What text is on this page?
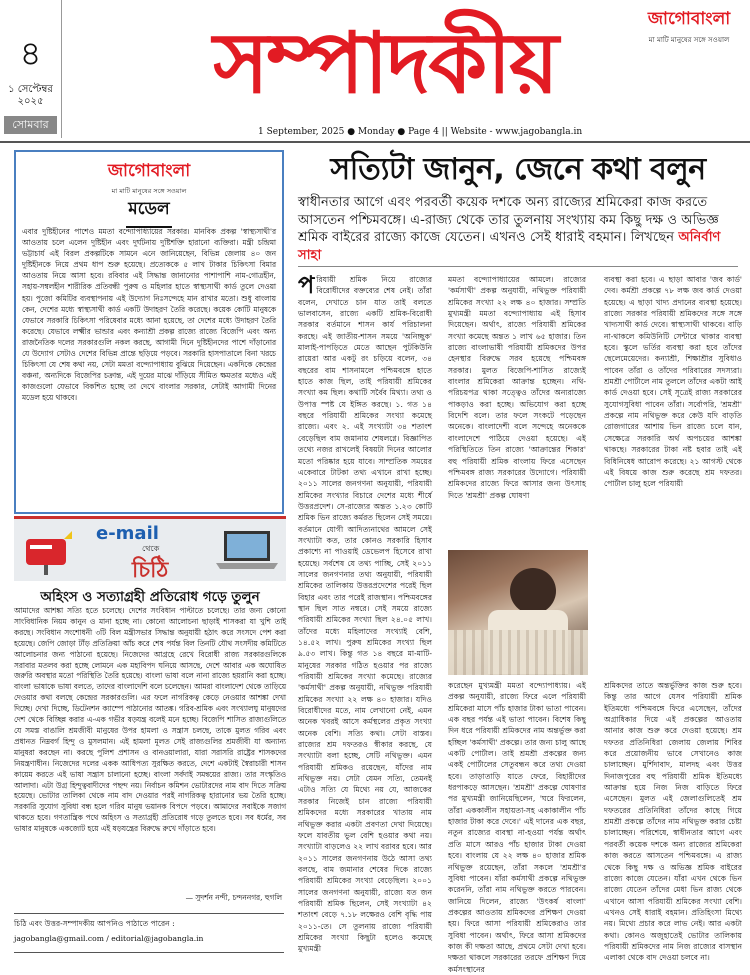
৪
১ সেপ্টেম্বর ২০২৫
সোমবার
সম্পাদকীয়	জাগোবাংলা
মা মাটি মানুষের সঙ্গে সওয়াল
1 September, 2025 ● Monday ● Page 4 || Website - www.jagobangla.in
জাগোবাংলা
মা মাটি মানুষের সঙ্গে সওয়াল
মডেল
এবার দুষ্টিহীনের পাশেও মমতা বন্দ্যোপাধ্যায়ের সরকার। মানবিক প্রকল্প 'স্বাস্থ্যসাথী'র আওতায় চলে এলেন দুষ্টিহীন এবং দুর্ঘটনায় দুষ্টিশক্তি হারানো ব্যক্তিরা। মন্ত্রী চন্দ্রিমা ভট্টাচার্য এই বিরল প্রকল্পটিকে সামনে এনে জানিয়েছেন, বিভিন্ন জেলায় ৪০ জন দুষ্টিহীনকে নিয়ে প্রথম ধাপ শুরু হয়েছে। প্রত্যেককে ৫ লাখ টাকার চিকিৎসা বিমার আওতায় নিয়ে আসা হবে। রবিবার এই সিদ্ধান্ত জানানোর পাশাপাশি নাম-গোত্রহীন, সহায়-সম্বলহীন শারীরিক প্রতিবন্ধী পুরুষ ও মহিলার হাতে স্বাস্থ্যসাথী কার্ড তুলে দেওয়া হয়। পুজো কমিটির ব্যবস্থাপনায় এই উদ্যোগ নিঃসন্দেহে মান রাখার মতো। শুধু বাংলায় কেন, দেশের মধ্যে স্বাস্থ্যসাথী কার্ড একটি উদাহরণ তৈরি করেছে। কয়েক কোটি মানুষকে যেভাবে সরকারি চিকিৎসা পরিষেবার মধ্যে আনা হয়েছে, তা দেশের মধ্যে উদাহরণ তৈরি করেছে। যেভাবে লক্ষ্মীর ভান্ডার এবং কন্যাশ্রী প্রকল্প রাজ্যে রাজ্যে বিজেপি এবং অন্য রাজনৈতিক দলের সরকারগুলি নকল করছে, আগামী দিনে দুষ্টিহীনদের পাশে দাঁড়ানোর যে উদ্যোগ সেটাও দেশের বিভিন্ন প্রান্তে ছড়িয়ে পড়বে। সরকারি হাসপাতালে বিনা খরচে চিকিৎসা যে শেষ কথা নয়, সেটা মমতা বন্দ্যোপাধ্যায় বুঝিয়ে দিয়েছেন। একদিকে কেন্দ্রের বঞ্চনা, অন্যদিকে বিজেপির চক্রান্ত, এই দুয়ের মাঝে দাঁড়িয়ে সীমিত ক্ষমতার মধ্যেও এই কাজগুলো যেভাবে বিকশিত হচ্ছে তা দেখে বাংলার সরকার, সেটাই আগামী দিনের মডেল হয়ে থাকবে।
e-mail
থেকে
চিঠি
অহিংস ও সত্যাগ্রহী প্রতিরোধ গড়ে তুলুন
আমাদের আশঙ্কা সত্যি হতে চলেছে। দেশের সংবিধান পাল্টাতে চলেছে। তার জন্য কোনো সাংবিধানিক নিয়ম কানুন ও মানা হচ্ছে না। কোনো আলোচনা ছাড়াই শাসকরা যা খুশি তাই করছে। সংবিধান সংশোধনী ৩টি বিল মন্ত্রীসভার সিদ্ধান্ত অনুযায়ী হঠাৎ করে সংসদে পেশ করা হয়েছে। জেপি জোড়া টাঁড় প্রতিক্রিয়া আঁচ করে শেষ পর্যন্ত বিল তিনটি যৌথ সংসদীয় কমিটিতে আলোচনার জন্য পাঠানো হয়েছে। নিজেদের আগ্রহে রেখে বিরোধী রাজ্য সরকারগুলিকে সরাবার মতলব করা হচ্ছে লোমনে এক মহাবিপদ ঘনিয়ে আসছে, দেশে আবার এক অঘোষিত জরুরি অবস্থার মতো পরিস্থিতি তৈরি হয়েছে। বাংলা ভাষা বলে নানা রাজ্যে হয়রানি করা হচ্ছে। বাংলা ভাষাকে ভাষা বলতে, তাদের বাংলাদেশি বলে চলেছেন। আমরা বাংলাদেশ থেকে তাড়িয়ে দেওয়ার কথা বলছে কেন্দ্রের সরকারগুলি। এর ফলে নাগরিকত্ব কেড়ে নেওয়ার আশঙ্কা দেখা দিচ্ছে। দেখা দিচ্ছে, ডিটেনশন ক্যাম্পে পাঠানোর আতঙ্ক। গরিব-শ্রমিক এবং সংখ্যালঘু মানুষদের দেশ থেকে বিচ্ছিন্ন করার এ-এক গভীর ষড়যন্ত্র বলেই মনে হচ্ছে। বিজেপি শাসিত রাজ্যগুলিতে যে সমস্ত বাঙালি শ্রমজীবী মানুষের উপর হামলা ও সন্ত্রাস চলছে, তাকে মুলত গরিব এবং প্রধানত নিম্নবর্গ হিন্দু ও মুসলমান। এই হামলা মূলত সেই রাজ্যগুলির শ্রমজীবী যা অন্যান্য মানুষরা করছেন না। করছে পুলিশ প্রশাসন ও বানওয়ালারা, যারা সরাসরি রাষ্ট্রের শাসকদের নিয়ন্ত্রণাধীন। নিজেদের দলের একক আধিপত্য সুরক্ষিত করতে, দেশে একটাই স্বৈরাচারী শাসন কায়েম করতে এই ভাষা সন্ত্রাস চালানো হচ্ছে। বাংলা সর্বদাই সমন্বয়ের রাজ্য। তার সংস্কৃতিও আলাদা। এটা উগ্র হিন্দুত্ববাদীদের পছন্দ নয়। নির্বাচন কমিশন ভোটারদের নাম বাদ দিতে সক্রিয় হয়েছে। ভোটার তালিকা থেকে নাম বাদ দেওয়ার পরই নাগরিকত্ব হারানোর ভয় তৈরি হচ্ছে। সরকারি সুযোগ সুবিধা বন্ধ হলে গরিব মানুষ ভয়ানক বিপদে পড়বে। আমাদের সবাইকে সজাগ থাকতে হবে। গণতান্ত্রিক পথে অহিংস ও সত্যাগ্রহী প্রতিরোধ গড়ে তুলতে হবে। সব ধর্মের, সব ভাষার মানুষকে একজোট হয়ে এই ষড়যন্ত্রের বিরুদ্ধে রুখে দাঁড়াতে হবে।
— সুদর্শন নন্দী, চন্দননগর, হুগলি
চিঠি এবং উত্তর-সম্পাদকীয় আপনিও পাঠাতে পারেন :
jagobangla@gmail.com / editorial@jagobangla.in
সত্যিটা জানুন, জেনে কথা বলুন
স্বাধীনতার আগে এবং পরবর্তী কয়েক দশকে অন্য রাজ্যের শ্রমিকেরা কাজ করতে আসতেন পশ্চিমবঙ্গে। এ-রাজ্য থেকে তার তুলনায় সংখ্যায় কম কিছু দক্ষ ও অভিজ্ঞ শ্রমিক বাইরের রাজ্যে কাজে যেতেন। এখনও সেই ধারাই বহমান। লিখছেন অনির্বাণ সাহা
প রিযায়ী শ্রমিক নিয়ে রাজ্যের বিরোধীদের বক্তব্যের শেষ নেই। তাঁরা বলেন, দেখাতে চান যাত তাই বলতে ভালবাসেন, রাজ্যে একটি শ্রমিক-বিরোধী সরকার বর্তমানে শাসন কার্য পরিচালনা করছে। এই জাতীয়-শাসন সময়ে 'অনিচ্ছুক' মালাই-পাপড়িতে মেতে আছেন পুটকিউনি রায়েরা আর একটু রং চড়িয়ে বলেন, ৩৪ বছরের বাম শাসনামলে পশ্চিমবঙ্গে হাতে হাতে কাজ ছিল, তাই পরিযায়ী শ্রমিকের সংখ্যা কম ছিল। কথাটি সর্বৈব মিথ্যা। তথ্য ও উপাত্ত স্পষ্ট যে ইঙ্গিত করছে। ১. গত ১৪ বছরে পরিযায়ী শ্রমিকের সংখ্যা কমেছে রাজ্যে। এবং ২. এই সংখ্যাটা ৩৪ শতাংশ বেড়েছিল বাম জমানায় শেষলগ্নে। বিজ্ঞাপিত তথ্যে নজর রাখলেই বিষয়টা দিনের আলোর মতো পরিষ্কার হয়ে যাবে। সাম্প্রতিক সময়ের একেবারে টাটকা তথ্য এখানে রাখা হচ্ছে। ২০১১ সালের জনগণনা অনুযায়ী, পরিযায়ী শ্রমিকের সংখ্যার বিচারে দেশের মধ্যে শীর্ষে উত্তরপ্রদেশ। সে-রাজ্যের অন্তত ১.২৩ কোটি শ্রমিক ভিন রাজ্যে কর্মরত ছিলেন সেই সময়ে। বর্তমানে যোগী আদিত্যনাথের আমলে সেই সংখ্যাটা কত, তার কোনও সরকারি হিসাব প্রকাশ্যে না পাওয়াই ডেভেলপ হিসেবে রাখা হয়েছে। সর্বশেষ যে তথ্য পাচ্ছি, সেই ২০১১ সালের জনগণনার তথ্য অনুযায়ী, পরিযায়ী শ্রমিকের তালিকায় উত্তরপ্রদেশের পরেই ছিল বিহার এবং তার পরেই রাজস্থান। পশ্চিমবঙ্গের স্থান ছিল সাত নম্বরে। সেই সময়ে রাজ্যে পরিযায়ী শ্রমিকের সংখ্যা ছিল ২৪.০৫ লাখ। তাঁদের মধ্যে মহিলাদের সংখ্যাই বেশি, ১৪.৫২ লাখ। পুরুষ শ্রমিকের সংখ্যা ছিল ৯.৫৩ লাখ। কিন্তু গত ১৪ বছরে মা-মাটি-মানুষের সরকার গঠিত হওয়ার পর রাজ্যে পরিযায়ী শ্রমিকের সংখ্যা কমেছে। রাজ্যের 'কর্মসাথী' প্রকল্প অনুযায়ী, নথিভুক্ত পরিযায়ী শ্রমিকের সংখ্যা ২২ লক্ষ ৪০ হাজার। যদিও বিরোধীদের মতে, নাম লেখানো নেই, এমন অনেক খবরই আসে কর্মস্থলের প্রকৃত সংখ্যা অনেক বেশি। সত্যি কথা। সেটা বাস্তব। রাজ্যের শ্রম দফতরও স্বীকার করছে, যে সংখ্যাটা বলা হচ্ছে, সেটি নথিভুক্ত। এমন পরিযায়ী শ্রমিকও রয়েছেন, যাঁদের নাম নথিভুক্ত নয়। সেটা যেমন সত্যি, তেমনই এটাও সত্যি যে মিথ্যে নয় যে, আজকের সরকার নিজেই চান রাজ্যে পরিযায়ী শ্রমিকদের মধ্যে সরকারের খাতায় নাম নথিভুক্ত করার একটা প্রবণতা দেখা দিয়েছে। ফলে যাবতীয় ভুল বেশি হওয়ার কথা নয়। সংখ্যাটা বাড়লেও ২২ লাখ বরাবর হবে। আর ২০১১ সালের জনগণনায় উঠে আসা তথ্য বলছে, বাম জমানার শেষের দিকে রাজ্যে পরিযায়ী শ্রমিকের সংখ্যা বেড়েছিল। ২০০১ সালের জনগণনা অনুযায়ী, রাজ্যে যত জন পরিযায়ী শ্রমিক ছিলেন, সেই সংখ্যাটা ৪২ শতাংশ বেড়ে ৭.১৮ লক্ষেরও বেশি বৃদ্ধি পায় ২০১১-তে। সে তুলনায় রাজ্যে পরিযায়ী শ্রমিকের সংখ্যা কিছুটা হলেও কমেছে মুখ্যমন্ত্রী
মমতা বন্দ্যোপাধ্যায়ের আমলে। রাজ্যের 'কর্মসাথী' প্রকল্প অনুযায়ী, নথিভুক্ত পরিযায়ী শ্রমিকের সংখ্যা ২২ লক্ষ ৪০ হাজার। সম্প্রতি মুখ্যমন্ত্রী মমতা বন্দ্যোপাধ্যায় এই হিসাব দিয়েছেন। অর্থাৎ, রাজ্যে পরিযায়ী শ্রমিকের সংখ্যা কমেছে অন্তত ১ লাখ ৬৫ হাজার। তিন রাজ্যে বাংলাভাষী পরিযায়ী শ্রমিকদের উপর হেনস্থার বিরুদ্ধে সরব হয়েছে পশ্চিমবঙ্গ সরকার। মুলত বিজেপি-শাসিত রাজ্যেই বাংলার শ্রমিকেরা আক্রান্ত হচ্ছেন। নথি-পরিচয়পত্র থাকা সত্ত্বেও তাঁদের অন্যরাজ্যে পাকড়াও করা হচ্ছে। অভিযোগ করা হচ্ছে বিদেশি বলে। তার ফলে সংকটে পড়েছেন অনেকে। বাংলাদেশী বলে সন্দেহে অনেককে বাংলাদেশে পাঠিয়ে দেওয়া হয়েছে। এই পরিস্থিতিতে তিন রাজ্যে 'আক্রান্তের শিকার' বহু পরিযায়ী শ্রমিক বাংলায় ফিরে এসেছেন পশ্চিমবঙ্গ রাজ্য সরকারের উদ্যোগে। পরিযায়ী শ্রমিকদের রাজ্যে ফিরে আসার জন্য উৎসাহ দিতে 'শ্রমশ্রী' প্রকল্প ঘোষণা
ব্যবস্থা করা হবে। এ ছাড়া আবার 'জব কার্ড' দেব। কর্মশ্রী প্রকল্পে ৭৮ লক্ষ জব কার্ড দেওয়া হয়েছে। এ ছাড়া খাদ্য প্রদানের ব্যবস্থা হয়েছে। রাজ্যে সরকার পরিযায়ী শ্রমিকদের সঙ্গে সঙ্গে খাদ্যসাথী কার্ড দেবে। স্বাস্থ্যসাথী থাকবে। বাড়ি না-থাকলে কমিউনিটি সেন্টারে থাকার ব্যবস্থা হবে। স্কুলে ভর্তির ব্যবস্থা করা হবে তাঁদের ছেলেমেয়েদের। কন্যাশ্রী, শিক্ষাশ্রীর সুবিধাও পাবেন তাঁরা ও তাঁদের পরিবারের সদস্যরা। শ্রমশ্রী পোর্টালে নাম তুললে তাঁদের একটা আই কার্ড দেওয়া হবে। সেই সূত্রেই রাজ্য সরকারের সুযোগসুবিধা পাবেন তাঁরা। সর্বোপরি, 'শ্রমশ্রী' প্রকল্পে নাম নথিভুক্ত করে কেউ যদি বাড়তি রোজগারের আশায় ভিন রাজ্যে চলে যান, সেক্ষেত্রে সরকারি অর্থ অপচয়ের আশঙ্কা থাকছে। সরকারের টাকা নষ্ট হবার তাই এই বিধিনিষেধ আরোপ করেছে। ২১ আগস্ট থেকে এই বিষয়ে কাজ শুরু করেছে শ্রম দফতর। পোর্টাল চালু হলে পরিযায়ী
করেছেন মুখ্যমন্ত্রী মমতা বন্দ্যোপাধ্যায়। এই প্রকল্প অনুযায়ী, রাজ্যে ফিরে এলে পরিযায়ী শ্রমিকেরা মাসে পাঁচ হাজার টাকা ভাতা পাবেন। এক বছর পর্যন্ত এই ভাতা পাবেন। বিশেষ কিছু দিন ধরে পরিযায়ী শ্রমিকদের নাম অন্তর্ভুক্ত করা হচ্ছিল 'কর্মসাথী' প্রকল্পে। তার জন্য চালু আছে একটি পোর্টাল। তাই শ্রমশ্রী প্রকল্পের জন্য একই পোর্টালের সেতুবন্ধন করে তথ্য দেওয়া হবে। তাড়াতাড়ি যাতে ফেরে, বিহারীদের ধরপাকড়ে আসছেন। 'শ্রমশ্রী' প্রকল্পে ঘোষণার পর মুখ্যমন্ত্রী জানিয়েছিলেন, 'ঘরে ফিরলেন, তাঁরা এককালীন সহায়তা-সহ একাকালীন পাঁচ হাজার টাকা করে দেবে।' এই দানের এক বছর, নতুন রাজ্যের ব্যবস্থা না-হওয়া পর্যন্ত অর্থাৎ প্রতি মাসে আরও পাঁচ হাজার টাকা দেওয়া হবে। বাংলায় যে ২২ লক্ষ ৪০ হাজার শ্রমিক নথিভুক্ত রয়েছেন, তাঁরা সকলে 'শ্রমশ্রী'র সুবিধা পাবেন। যাঁরা কর্মসাথী প্রকল্পে নথিভুক্ত করেননি, তাঁরা নাম নথিভুক্ত করতে পারবেন। জানিয়ে দিলেন, রাজ্যে 'উৎকর্ষ বাংলা' প্রকল্পের আওতায় শ্রমিকদের প্রশিক্ষণ দেওয়া হয়। ফিরে আসা পরিযায়ী শ্রমিকেরাও তার সুবিধা পাবেন। অর্থাৎ, ফিরে আসা শ্রমিকদের কাজ কী দক্ষতা আছে, প্রথমে সেটা দেখা হবে। দক্ষতা থাকলে সরকারের তরফে প্রশিক্ষণ দিয়ে কর্মসংস্থানের
শ্রমিকদের তাতে অন্তর্ভুক্তির কাজ শুরু হবে। কিন্তু তার আগে যেসব পরিযায়ী শ্রমিক ইতিমধ্যে পশ্চিমবঙ্গে ফিরে এসেছেন, তাঁদের অগ্রাধিকার দিয়ে এই প্রকল্পের আওতায় আনার কাজ শুরু করে দেওয়া হয়েছে। শ্রম দফতর প্রতিনিধিরা জেলায় জেলায় শিবির করে প্রয়োজনীয় ভাবে সেখানেও কাজ চালাচ্ছেন। মুর্শিদাবাদ, মালদহ এবং উত্তর দিনাজপুরের বহু পরিযায়ী শ্রমিক ইতিমধ্যে আক্রান্ত হয়ে নিজ নিজ বাড়িতে ফিরে এসেছেন। মুলত এই জেলাগুলিতেই শ্রম দফতরের প্রতিনিধিরা তাঁদের কাছে গিয়ে শ্রমশ্রী প্রকল্পে তাঁদের নাম নথিভুক্ত করার চেষ্টা চালাচ্ছেন। পরিশেষে, স্বাধীনতার আগে এবং পরবর্তী কয়েক দশকে অন্য রাজ্যের শ্রমিকেরা কাজ করতে আসতেন পশ্চিমবঙ্গে। এ রাজ্য থেকে কিছু দক্ষ ও অভিজ্ঞ শ্রমিক বাইরের রাজ্যে কাজে যেতেন। যাঁরা এখন থেকে ভিন রাজ্যে যেতেন তাঁদের মেধা ভিন রাজ্য থেকে এখানে আসা পরিযায়ী শ্রমিকের সংখ্যা বেশি। এখনও সেই ধারাই বহমান। প্রতিহিংসা মিথ্যে নয়। মিথ্যে প্রচার করে লাভ নেই। আর একটা কথা। কোনও অজুহাতেই ভোটার তালিকায় পরিযায়ী শ্রমিকদের নাম নিজ রাজ্যের বাসস্থান এলাকা থেকে বাদ দেওয়া চলবে না।
